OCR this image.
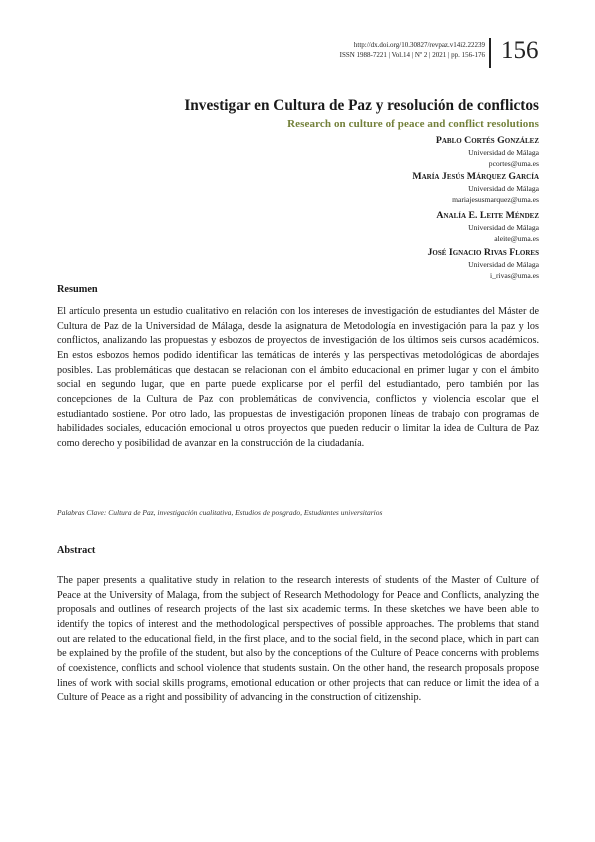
http://dx.doi.org/10.30827/revpaz.v14i2.22239
ISSN 1988-7221 | Vol.14 | Nº 2 | 2021 | pp. 156-176 156
Investigar en Cultura de Paz y resolución de conflictos
Research on culture of peace and conflict resolutions
Pablo Cortés González
Universidad de Málaga
pcortes@uma.es
María Jesús Márquez García
Universidad de Málaga
mariajesusmarquez@uma.es
Analía E. Leite Méndez
Universidad de Málaga
aleite@uma.es
José Ignacio Rivas Flores
Universidad de Málaga
i_rivas@uma.es
Resumen
El artículo presenta un estudio cualitativo en relación con los intereses de investigación de estudiantes del Máster de Cultura de Paz de la Universidad de Málaga, desde la asignatura de Metodología en investigación para la paz y los conflictos, analizando las propuestas y esbozos de proyectos de investigación de los últimos seis cursos académicos. En estos esbozos hemos podido identificar las temáticas de interés y las perspectivas metodológicas de abordajes posibles. Las problemáticas que destacan se relacionan con el ámbito educacional en primer lugar y con el ámbito social en segundo lugar, que en parte puede explicarse por el perfil del estudiantado, pero también por las concepciones de la Cultura de Paz con problemáticas de convivencia, conflictos y violencia escolar que el estudiantado sostiene. Por otro lado, las propuestas de investigación proponen líneas de trabajo con programas de habilidades sociales, educación emocional u otros proyectos que pueden reducir o limitar la idea de Cultura de Paz como derecho y posibilidad de avanzar en la construcción de la ciudadanía.
Palabras Clave: Cultura de Paz, investigación cualitativa, Estudios de posgrado, Estudiantes universitarios
Abstract
The paper presents a qualitative study in relation to the research interests of students of the Master of Culture of Peace at the University of Malaga, from the subject of Research Methodology for Peace and Conflicts, analyzing the proposals and outlines of research projects of the last six academic terms. In these sketches we have been able to identify the topics of interest and the methodological perspectives of possible approaches. The problems that stand out are related to the educational field, in the first place, and to the social field, in the second place, which in part can be explained by the profile of the student, but also by the conceptions of the Culture of Peace concerns with problems of coexistence, conflicts and school violence that students sustain. On the other hand, the research proposals propose lines of work with social skills programs, emotional education or other projects that can reduce or limit the idea of a Culture of Peace as a right and possibility of advancing in the construction of citizenship.
